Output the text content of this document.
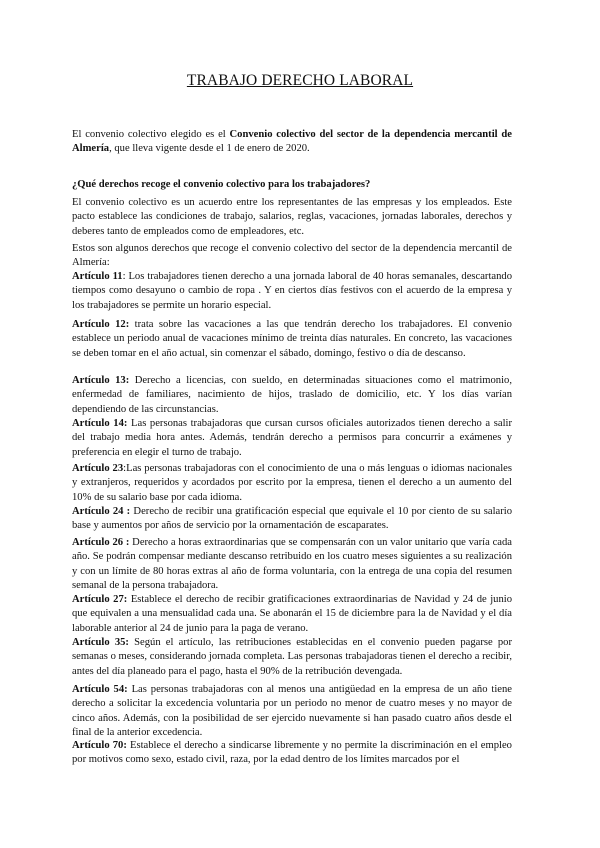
TRABAJO DERECHO LABORAL
El convenio colectivo elegido es el Convenio colectivo del sector de la dependencia mercantil de Almería, que lleva vigente desde el 1 de enero de 2020.
¿Qué derechos recoge el convenio colectivo para los trabajadores?
El convenio colectivo es un acuerdo entre los representantes de las empresas y los empleados. Este pacto establece las condiciones de trabajo, salarios, reglas, vacaciones, jornadas laborales, derechos y deberes tanto de empleados como de empleadores, etc.
Estos son algunos derechos que recoge el convenio colectivo del sector de la dependencia mercantil de Almería:
Artículo 11: Los trabajadores tienen derecho a una jornada laboral de 40 horas semanales, descartando tiempos como desayuno o cambio de ropa . Y en ciertos días festivos con el acuerdo de la empresa y los trabajadores se permite un horario especial.
Artículo 12: trata sobre las vacaciones a las que tendrán derecho los trabajadores. El convenio establece un periodo anual de vacaciones mínimo de treinta días naturales. En concreto, las vacaciones se deben tomar en el año actual, sin comenzar el sábado, domingo, festivo o día de descanso.
Artículo 13: Derecho a licencias, con sueldo, en determinadas situaciones como el matrimonio, enfermedad de familiares, nacimiento de hijos, traslado de domicilio, etc. Y los días varían dependiendo de las circunstancias.
Artículo 14: Las personas trabajadoras que cursan cursos oficiales autorizados tienen derecho a salir del trabajo media hora antes. Además, tendrán derecho a permisos para concurrir a exámenes y preferencia en elegir el turno de trabajo.
Artículo 23:Las personas trabajadoras con el conocimiento de una o más lenguas o idiomas nacionales y extranjeros, requeridos y acordados por escrito por la empresa, tienen el derecho a un aumento del 10% de su salario base por cada idioma.
Artículo 24 : Derecho de recibir una gratificación especial que equivale el 10 por ciento de su salario base y aumentos por años de servicio por la ornamentación de escaparates.
Artículo 26 : Derecho a horas extraordinarias que se compensarán con un valor unitario que varía cada año. Se podrán compensar mediante descanso retribuido en los cuatro meses siguientes a su realización y con un límite de 80 horas extras al año de forma voluntaria, con la entrega de una copia del resumen semanal de la persona trabajadora.
Artículo 27: Establece el derecho de recibir gratificaciones extraordinarias de Navidad y 24 de junio que equivalen a una mensualidad cada una. Se abonarán el 15 de diciembre para la de Navidad y el día laborable anterior al 24 de junio para la paga de verano.
Artículo 35: Según el artículo, las retribuciones establecidas en el convenio pueden pagarse por semanas o meses, considerando jornada completa. Las personas trabajadoras tienen el derecho a recibir, antes del día planeado para el pago, hasta el 90% de la retribución devengada.
Artículo 54: Las personas trabajadoras con al menos una antigüedad en la empresa de un año tiene derecho a solicitar la excedencia voluntaria por un periodo no menor de cuatro meses y no mayor de cinco años. Además, con la posibilidad de ser ejercido nuevamente si han pasado cuatro años desde el final de la anterior excedencia.
Artículo 70: Establece el derecho a sindicarse libremente y no permite la discriminación en el empleo por motivos como sexo, estado civil, raza, por la edad dentro de los límites marcados por el
